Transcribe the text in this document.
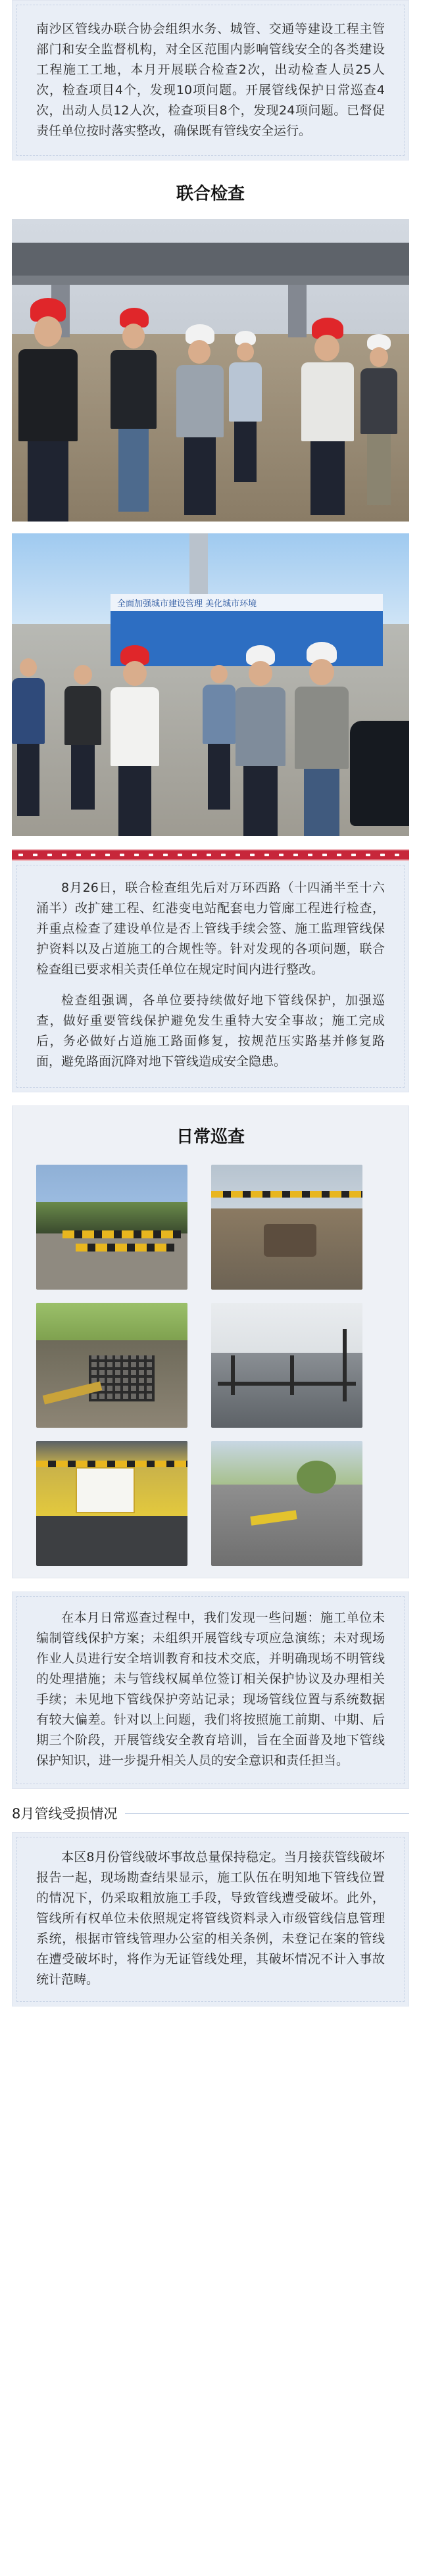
南沙区管线办联合协会组织水务、城管、交通等建设工程主管部门和安全监督机构，对全区范围内影响管线安全的各类建设工程施工工地，本月开展联合检查2次，出动检查人员25人次，检查项目4个，发现10项问题。开展管线保护日常巡查4次，出动人员12人次，检查项目8个，发现24项问题。已督促责任单位按时落实整改，确保既有管线安全运行。

联合检查
全面加强城市建设管理 美化城市环境

8月26日，联合检查组先后对万环西路（十四涌半至十六涌半）改扩建工程、红港变电站配套电力管廊工程进行检查，并重点检查了建设单位是否上管线手续会签、施工监理管线保护资料以及占道施工的合规性等。针对发现的各项问题，联合检查组已要求相关责任单位在规定时间内进行整改。

检查组强调，各单位要持续做好地下管线保护，加强巡查，做好重要管线保护避免发生重特大安全事故；施工完成后，务必做好占道施工路面修复，按规范压实路基并修复路面，避免路面沉降对地下管线造成安全隐患。

日常巡查

在本月日常巡查过程中，我们发现一些问题：施工单位未编制管线保护方案；未组织开展管线专项应急演练；未对现场作业人员进行安全培训教育和技术交底，并明确现场不明管线的处理措施；未与管线权属单位签订相关保护协议及办理相关手续；未见地下管线保护旁站记录；现场管线位置与系统数据有较大偏差。针对以上问题，我们将按照施工前期、中期、后期三个阶段，开展管线安全教育培训，旨在全面普及地下管线保护知识，进一步提升相关人员的安全意识和责任担当。

8月管线受损情况

本区8月份管线破坏事故总量保持稳定。当月接获管线破坏报告一起，现场勘查结果显示，施工队伍在明知地下管线位置的情况下，仍采取粗放施工手段，导致管线遭受破坏。此外，管线所有权单位未依照规定将管线资料录入市级管线信息管理系统，根据市管线管理办公室的相关条例，未登记在案的管线在遭受破坏时，将作为无证管线处理，其破坏情况不计入事故统计范畴。
